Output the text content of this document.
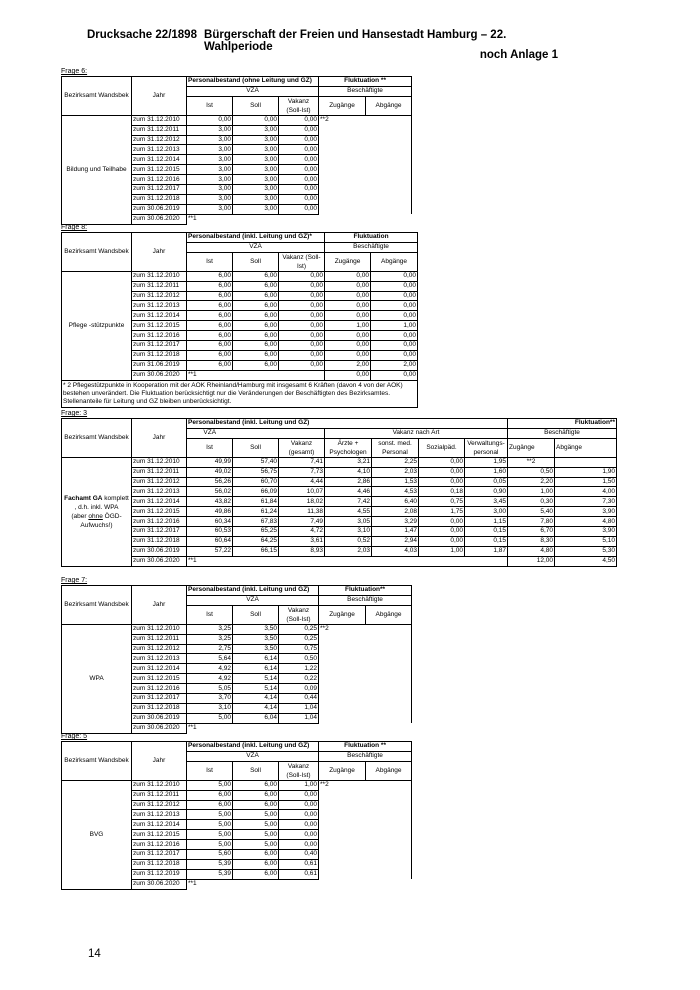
Drucksache 22/1898 Bürgerschaft der Freien und Hansestadt Hamburg – 22. Wahlperiode
noch Anlage 1
Frage 6:
Bezirksamt Wandsbek	Jahr	Personalbestand (ohne Leitung und GZ)			Fluktuation **	
		VZÄ			Beschäftigte	
		Ist	Soll	Vakanz (Soll-Ist)	Zugänge	Abgänge
Bildung und Teilhabe	zum 31.12.2010	0,00	0,00	0,00	**2	
	zum 31.12.2011	3,00	3,00	0,00		
	zum 31.12.2012	3,00	3,00	0,00		
	zum 31.12.2013	3,00	3,00	0,00		
	zum 31.12.2014	3,00	3,00	0,00		
	zum 31.12.2015	3,00	3,00	0,00		
	zum 31.12.2016	3,00	3,00	0,00		
	zum 31.12.2017	3,00	3,00	0,00		
	zum 31.12.2018	3,00	3,00	0,00		
	zum 30.06.2019	3,00	3,00	0,00		
	zum 30.06.2020	**1				
Frage 8:
Bezirksamt Wandsbek	Jahr	Personalbestand (inkl. Leitung und GZ)*			Fluktuation	
		VZÄ			Beschäftigte	
		Ist	Soll	Vakanz (Soll-Ist)	Zugänge	Abgänge
Pflege -stützpunkte	zum 31.12.2010	6,00	6,00	0,00	0,00	0,00
	zum 31.12.2011	6,00	6,00	0,00	0,00	0,00
	zum 31.12.2012	6,00	6,00	0,00	0,00	0,00
	zum 31.12.2013	6,00	6,00	0,00	0,00	0,00
	zum 31.12.2014	6,00	6,00	0,00	0,00	0,00
	zum 31.12.2015	6,00	6,00	0,00	1,00	1,00
	zum 31.12.2016	6,00	6,00	0,00	0,00	0,00
	zum 31.12.2017	6,00	6,00	0,00	0,00	0,00
	zum 31.12.2018	6,00	6,00	0,00	0,00	0,00
	zum 31.06.2019	6,00	6,00	0,00	2,00	2,00
	zum 30.06.2020	**1			0,00	0,00
* 2 Pflegestützpunkte in Kooperation mit der AOK Rheinland/Hamburg mit insgesamt 6 Kräften (davon 4 von der AOK) bestehen unverändert. Die Fluktuation berücksichtigt nur die Veränderungen der Beschäftigten des Bezirksamtes. Stellenanteile für Leitung und GZ bleiben unberücksichtigt.						
Frage: 3
Bezirksamt Wandsbek	Jahr	Personalbestand (inkl. Leitung und GZ)							Fluktuation**	
		VZÄ			Vakanz nach Art				Beschäftigte	
		Ist	Soll	Vakanz (gesamt)	Ärzte + Psychologen	sonst. med. Personal	Sozialpäd.	Verwaltungs-personal	Zugänge	Abgänge
Fachamt GA komplett
, d.h. inkl. WPA
(aber ohne ÖGD-Aufwuchs!)	zum 31.12.2010	49,99	57,40	7,41	3,21	2,25	0,00	1,95	**2	
	zum 31.12.2011	49,02	56,75	7,73	4,10	2,03	0,00	1,60	0,50	1,90
	zum 31.12.2012	56,26	60,70	4,44	2,86	1,53	0,00	0,05	2,20	1,50
	zum 31.12.2013	56,02	66,09	10,07	4,46	4,53	0,18	0,90	1,00	4,00
	zum 31.12.2014	43,82	61,84	18,02	7,42	6,40	0,75	3,45	0,30	7,30
	zum 31.12.2015	49,86	61,24	11,38	4,55	2,08	1,75	3,00	5,40	3,90
	zum 31.12.2016	60,34	67,83	7,49	3,05	3,29	0,00	1,15	7,80	4,80
	zum 31.12.2017	60,53	65,25	4,72	3,10	1,47	0,00	0,15	6,70	3,90
	zum 31.12.2018	60,64	64,25	3,61	0,52	2,94	0,00	0,15	8,30	5,10
	zum 30.06.2019	57,22	66,15	8,93	2,03	4,03	1,00	1,87	4,80	5,30
	zum 30.06.2020	**1							12,00	4,50
Frage 7:
Bezirksamt Wandsbek	Jahr	Personalbestand (inkl. Leitung und GZ)			Fluktuation**	
		VZÄ			Beschäftigte	
		Ist	Soll	Vakanz (Soll-Ist)	Zugänge	Abgänge
WPA	zum 31.12.2010	3,25	3,50	0,25	**2	
	zum 31.12.2011	3,25	3,50	0,25		
	zum 31.12.2012	2,75	3,50	0,75		
	zum 31.12.2013	5,64	6,14	0,50		
	zum 31.12.2014	4,92	6,14	1,22		
	zum 31.12.2015	4,92	5,14	0,22		
	zum 31.12.2016	5,05	5,14	0,09		
	zum 31.12.2017	3,70	4,14	0,44		
	zum 31.12.2018	3,10	4,14	1,04		
	zum 30.06.2019	5,00	6,04	1,04		
	zum 30.06.2020	**1				
Frage: 5
Bezirksamt Wandsbek	Jahr	Personalbestand (inkl. Leitung und GZ)			Fluktuation **	
		VZÄ			Beschäftigte	
		Ist	Soll	Vakanz (Soll-Ist)	Zugänge	Abgänge
BVG	zum 31.12.2010	5,00	6,00	1,00	**2	
	zum 31.12.2011	6,00	6,00	0,00		
	zum 31.12.2012	6,00	6,00	0,00		
	zum 31.12.2013	5,00	5,00	0,00		
	zum 31.12.2014	5,00	5,00	0,00		
	zum 31.12.2015	5,00	5,00	0,00		
	zum 31.12.2016	5,00	5,00	0,00		
	zum 31.12.2017	5,60	6,00	0,40		
	zum 31.12.2018	5,39	6,00	0,61		
	zum 31.12.2019	5,39	6,00	0,61		
	zum 30.06.2020	**1				
14
